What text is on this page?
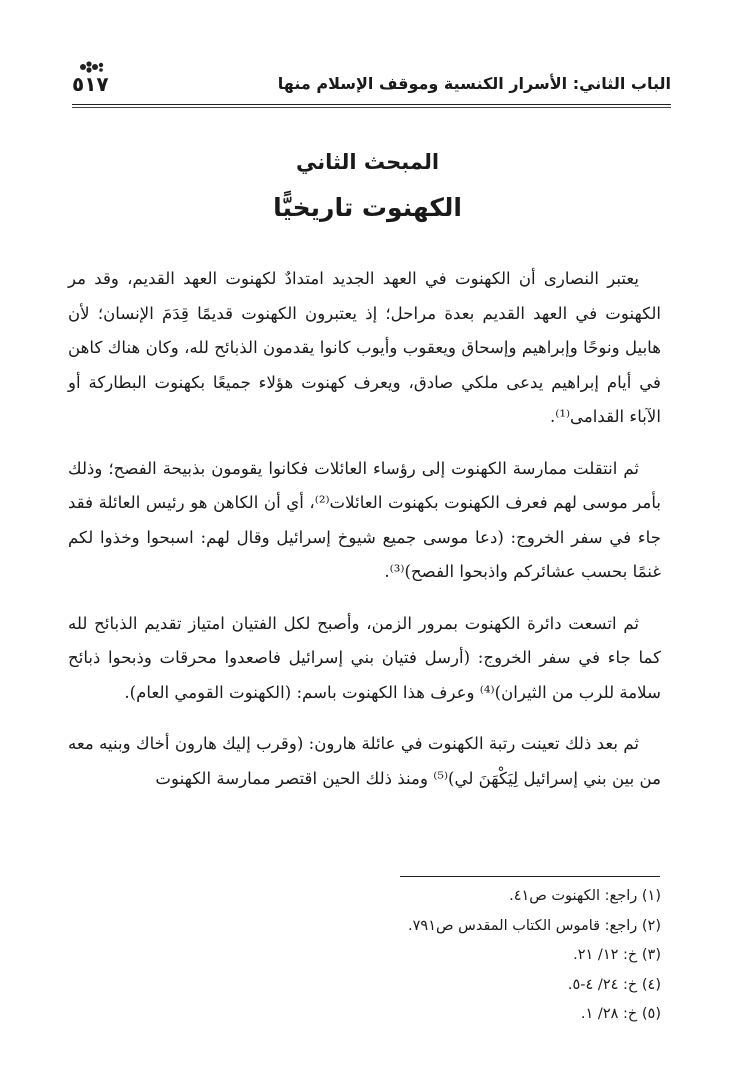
الباب الثاني: الأسرار الكنسية وموقف الإسلام منها
٥١٧
المبحث الثاني
الكهنوت تاريخيًّا

يعتبر النصارى أن الكهنوت في العهد الجديد امتدادٌ لكهنوت العهد القديم، وقد مر الكهنوت في العهد القديم بعدة مراحل؛ إذ يعتبرون الكهنوت قديمًا قِدَمَ الإنسان؛ لأن هابيل ونوحًا وإبراهيم وإسحاق ويعقوب وأيوب كانوا يقدمون الذبائح لله، وكان هناك كاهن في أيام إبراهيم يدعى ملكي صادق، ويعرف كهنوت هؤلاء جميعًا بكهنوت البطاركة أو الآباء القدامى⁽¹⁾.

ثم انتقلت ممارسة الكهنوت إلى رؤساء العائلات فكانوا يقومون بذبيحة الفصح؛ وذلك بأمر موسى لهم فعرف الكهنوت بكهنوت العائلات⁽²⁾، أي أن الكاهن هو رئيس العائلة فقد جاء في سفر الخروج: (دعا موسى جميع شيوخ إسرائيل وقال لهم: اسبحوا وخذوا لكم غنمًا بحسب عشائركم واذبحوا الفصح)⁽³⁾.

ثم اتسعت دائرة الكهنوت بمرور الزمن، وأصبح لكل الفتيان امتياز تقديم الذبائح لله كما جاء في سفر الخروج: (أرسل فتيان بني إسرائيل فاصعدوا محرقات وذبحوا ذبائح سلامة للرب من الثيران)⁽⁴⁾ وعرف هذا الكهنوت باسم: (الكهنوت القومي العام).

ثم بعد ذلك تعينت رتبة الكهنوت في عائلة هارون: (وقرب إليك هارون أخاك وبنيه معه من بين بني إسرائيل لِيَكْهَنَ لي)⁽⁵⁾ ومنذ ذلك الحين اقتصر ممارسة الكهنوت

(١) راجع: الكهنوت ص٤١.
(٢) راجع: قاموس الكتاب المقدس ص٧٩١.
(٣) خ: ١٢/ ٢١.
(٤) خ: ٢٤/ ٤-٥.
(٥) خ: ٢٨/ ١.
